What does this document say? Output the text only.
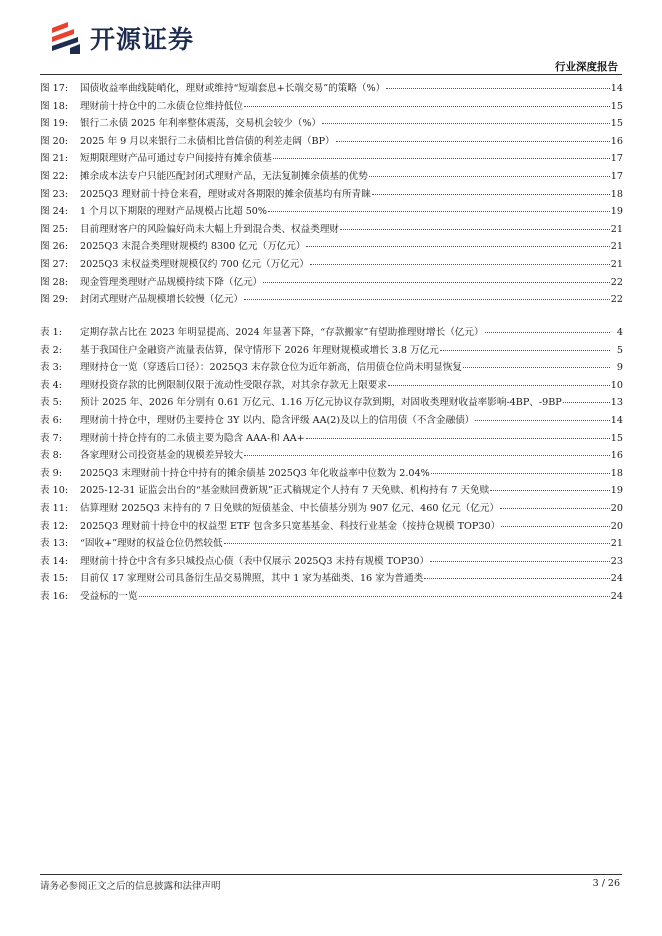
开源证券
行业深度报告
图 17:	国债收益率曲线陡峭化，理财或维持“短端套息+长端交易”的策略（%）	14
图 18:	理财前十持仓中的二永债仓位维持低位	15
图 19:	银行二永债 2025 年利率整体震荡，交易机会较少（%）	15
图 20:	2025 年 9 月以来银行二永债相比普信债的利差走阔（BP）	16
图 21:	短期限理财产品可通过专户间接持有摊余债基	17
图 22:	摊余成本法专户只能匹配封闭式理财产品，无法复制摊余债基的优势	17
图 23:	2025Q3 理财前十持仓来看，理财或对各期限的摊余债基均有所青睐	18
图 24:	1 个月以下期限的理财产品规模占比超 50%	19
图 25:	目前理财客户的风险偏好尚未大幅上升到混合类、权益类理财	21
图 26:	2025Q3 末混合类理财规模约 8300 亿元（万亿元）	21
图 27:	2025Q3 末权益类理财规模仅约 700 亿元（万亿元）	21
图 28:	现金管理类理财产品规模持续下降（亿元）	22
图 29:	封闭式理财产品规模增长较慢（亿元）	22
表 1:	定期存款占比在 2023 年明显提高、2024 年显著下降，“存款搬家”有望助推理财增长（亿元）	4
表 2:	基于我国住户金融资产流量表估算，保守情形下 2026 年理财规模或增长 3.8 万亿元	5
表 3:	理财持仓一览（穿透后口径）：2025Q3 末存款仓位为近年新高，信用债仓位尚未明显恢复	9
表 4:	理财投资存款的比例限制仅限于流动性受限存款，对其余存款无上限要求	10
表 5:	预计 2025 年、2026 年分别有 0.61 万亿元、1.16 万亿元协议存款到期，对固收类理财收益率影响-4BP、-9BP	13
表 6:	理财前十持仓中，理财仍主要持仓 3Y 以内、隐含评级 AA(2)及以上的信用债（不含金融债）	14
表 7:	理财前十持仓持有的二永债主要为隐含 AAA-和 AA+	15
表 8:	各家理财公司投资基金的规模差异较大	16
表 9:	2025Q3 末理财前十持仓中持有的摊余债基 2025Q3 年化收益率中位数为 2.04%	18
表 10:	2025-12-31 证监会出台的“基金赎回费新规”正式稿规定个人持有 7 天免赎、机构持有 7 天免赎	19
表 11:	估算理财 2025Q3 末持有的 7 日免赎的短债基金、中长债基分别为 907 亿元、460 亿元（亿元）	20
表 12:	2025Q3 理财前十持仓中的权益型 ETF 包含多只宽基基金、科技行业基金（按持仓规模 TOP30）	20
表 13:	“固收+”理财的权益仓位仍然较低	21
表 14:	理财前十持仓中含有多只城投点心债（表中仅展示 2025Q3 末持有规模 TOP30）	23
表 15:	目前仅 17 家理财公司具备衍生品交易牌照，其中 1 家为基础类、16 家为普通类	24
表 16:	受益标的一览	24
请务必参阅正文之后的信息披露和法律声明	3 / 26
